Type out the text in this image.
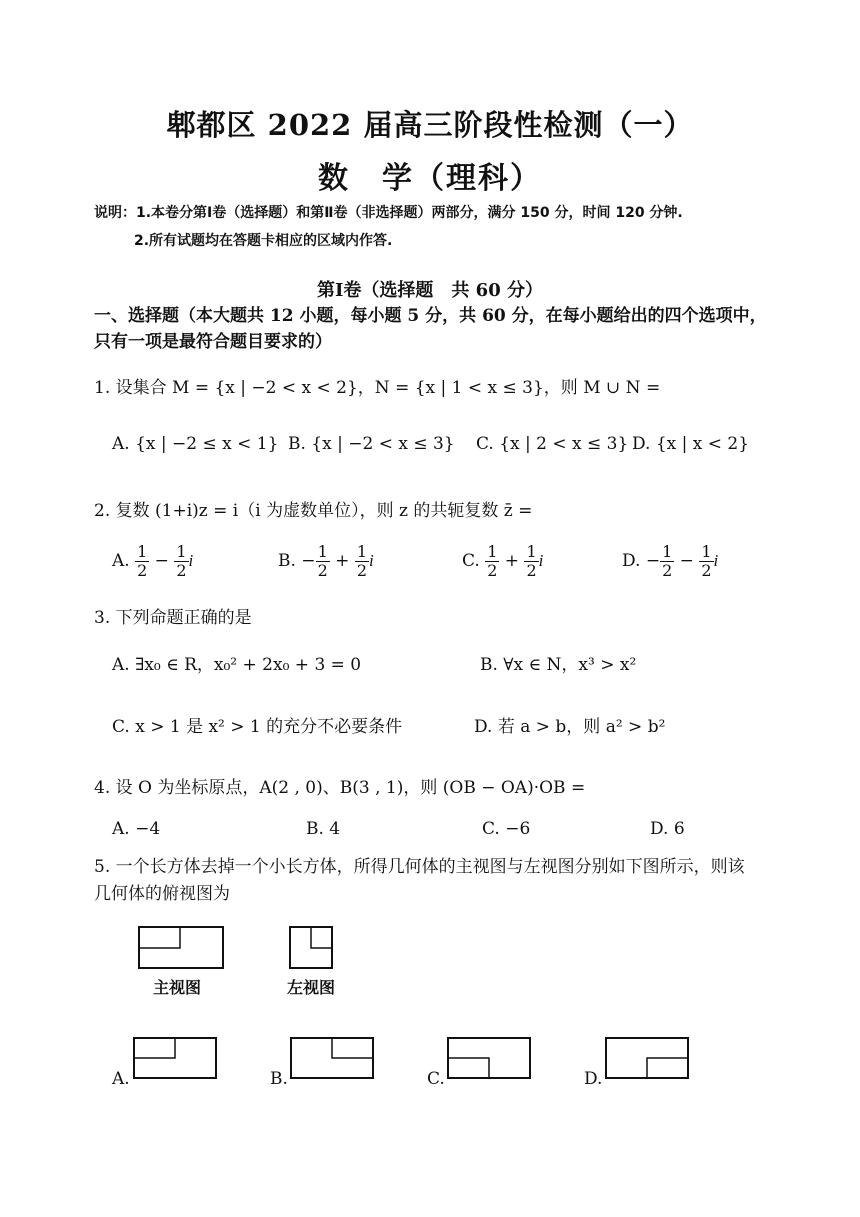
郫都区 2022 届高三阶段性检测（一）
数　学（理科）
说明：1.本卷分第Ⅰ卷（选择题）和第Ⅱ卷（非选择题）两部分，满分 150 分，时间 120 分钟.
2.所有试题均在答题卡相应的区域内作答.
第Ⅰ卷（选择题　共 60 分）
一、选择题（本大题共 12 小题，每小题 5 分，共 60 分，在每小题给出的四个选项中，
只有一项是最符合题目要求的）
1. 设集合 M = {x | −2 < x < 2}，N = {x | 1 < x ≤ 3}，则 M ∪ N =
A. {x | −2 ≤ x < 1} B. {x | −2 < x ≤ 3} C. {x | 2 < x ≤ 3} D. {x | x < 2}
2. 复数 (1+i)z = i（i 为虚数单位），则 z 的共轭复数 z̄ =
A. $\frac{1}{2} - \frac{1}{2}$ i	B. − $\frac{1}{2} + \frac{1}{2}$ i	C. $\frac{1}{2} + \frac{1}{2}$ i	D. − $\frac{1}{2} - \frac{1}{2}$ i
3. 下列命题正确的是
A. ∃x₀ ∈ R，x₀² + 2x₀ + 3 = 0	B. ∀x ∈ N，x³ > x²
C. x > 1 是 x² > 1 的充分不必要条件	D. 若 a > b，则 a² > b²
4. 设 O 为坐标原点，A(2 , 0)、B(3 , 1)，则 (OB − OA)·OB =
A. −4	B. 4	C. −6	D. 6
5. 一个长方体去掉一个小长方体，所得几何体的主视图与左视图分别如下图所示，则该
几何体的俯视图为
主视图	左视图
A.	B.	C.	D.
